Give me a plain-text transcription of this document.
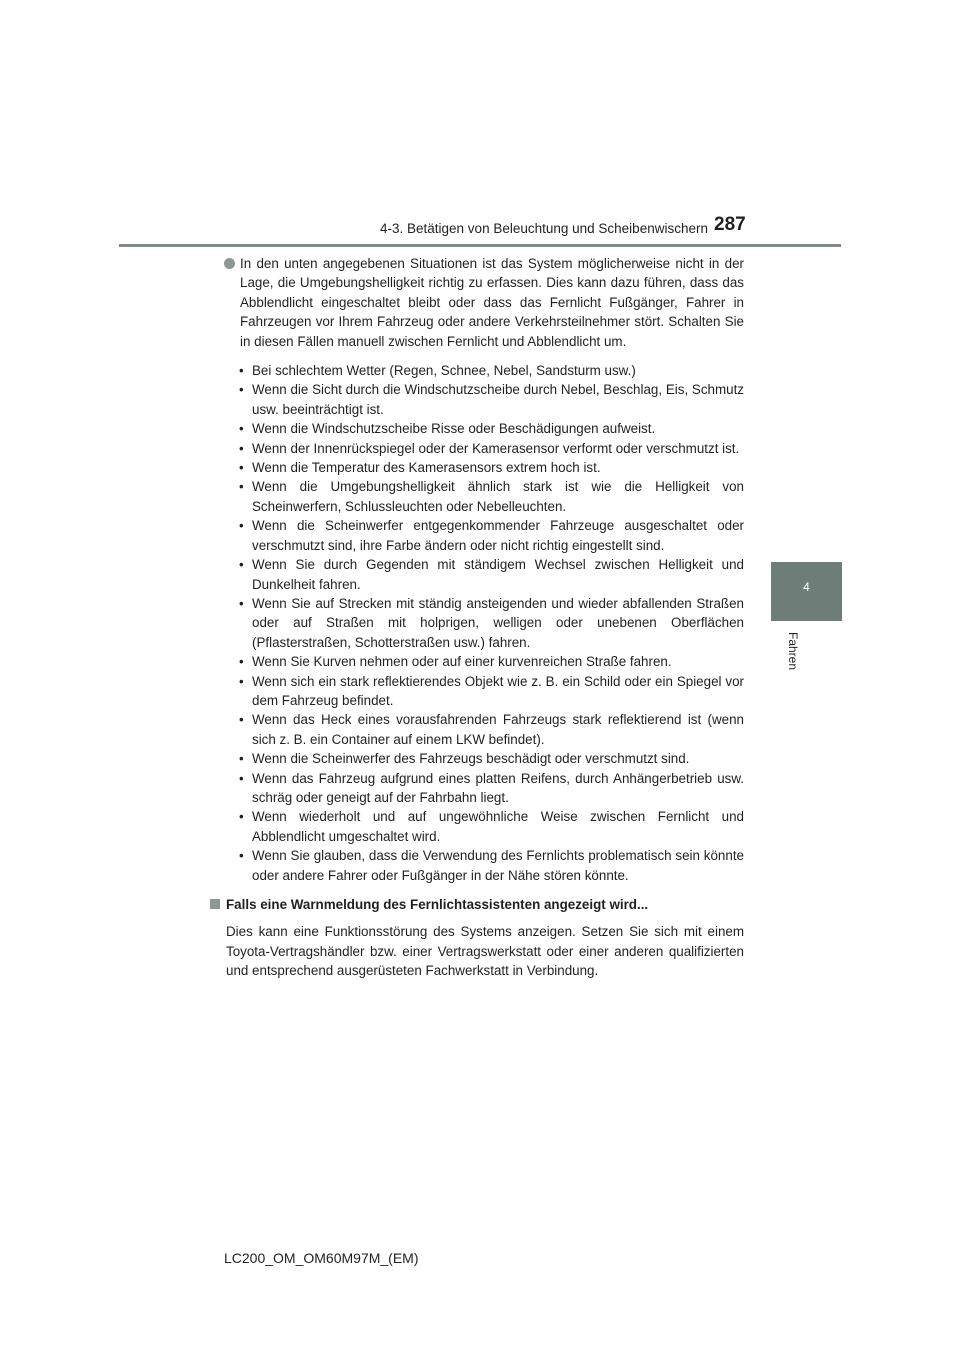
4-3. Betätigen von Beleuchtung und Scheibenwischern 287
4
Fahren

In den unten angegebenen Situationen ist das System möglicherweise nicht in der Lage, die Umgebungshelligkeit richtig zu erfassen. Dies kann dazu führen, dass das Abblendlicht eingeschaltet bleibt oder dass das Fernlicht Fußgänger, Fahrer in Fahrzeugen vor Ihrem Fahrzeug oder andere Verkehrsteilnehmer stört. Schalten Sie in diesen Fällen manuell zwischen Fernlicht und Abblendlicht um.

• Bei schlechtem Wetter (Regen, Schnee, Nebel, Sandsturm usw.)
• Wenn die Sicht durch die Windschutzscheibe durch Nebel, Beschlag, Eis, Schmutz usw. beeinträchtigt ist.
• Wenn die Windschutzscheibe Risse oder Beschädigungen aufweist.
• Wenn der Innenrückspiegel oder der Kamerasensor verformt oder verschmutzt ist.
• Wenn die Temperatur des Kamerasensors extrem hoch ist.
• Wenn die Umgebungshelligkeit ähnlich stark ist wie die Helligkeit von Scheinwerfern, Schlussleuchten oder Nebelleuchten.
• Wenn die Scheinwerfer entgegenkommender Fahrzeuge ausgeschaltet oder verschmutzt sind, ihre Farbe ändern oder nicht richtig eingestellt sind.
• Wenn Sie durch Gegenden mit ständigem Wechsel zwischen Helligkeit und Dunkelheit fahren.
• Wenn Sie auf Strecken mit ständig ansteigenden und wieder abfallenden Straßen oder auf Straßen mit holprigen, welligen oder unebenen Oberflächen (Pflasterstraßen, Schotterstraßen usw.) fahren.
• Wenn Sie Kurven nehmen oder auf einer kurvenreichen Straße fahren.
• Wenn sich ein stark reflektierendes Objekt wie z. B. ein Schild oder ein Spiegel vor dem Fahrzeug befindet.
• Wenn das Heck eines vorausfahrenden Fahrzeugs stark reflektierend ist (wenn sich z. B. ein Container auf einem LKW befindet).
• Wenn die Scheinwerfer des Fahrzeugs beschädigt oder verschmutzt sind.
• Wenn das Fahrzeug aufgrund eines platten Reifens, durch Anhängerbetrieb usw. schräg oder geneigt auf der Fahrbahn liegt.
• Wenn wiederholt und auf ungewöhnliche Weise zwischen Fernlicht und Abblendlicht umgeschaltet wird.
• Wenn Sie glauben, dass die Verwendung des Fernlichts problematisch sein könnte oder andere Fahrer oder Fußgänger in der Nähe stören könnte.

Falls eine Warnmeldung des Fernlichtassistenten angezeigt wird...

Dies kann eine Funktionsstörung des Systems anzeigen. Setzen Sie sich mit einem Toyota-Vertragshändler bzw. einer Vertragswerkstatt oder einer anderen qualifizierten und entsprechend ausgerüsteten Fachwerkstatt in Verbindung.

LC200_OM_OM60M97M_(EM)
